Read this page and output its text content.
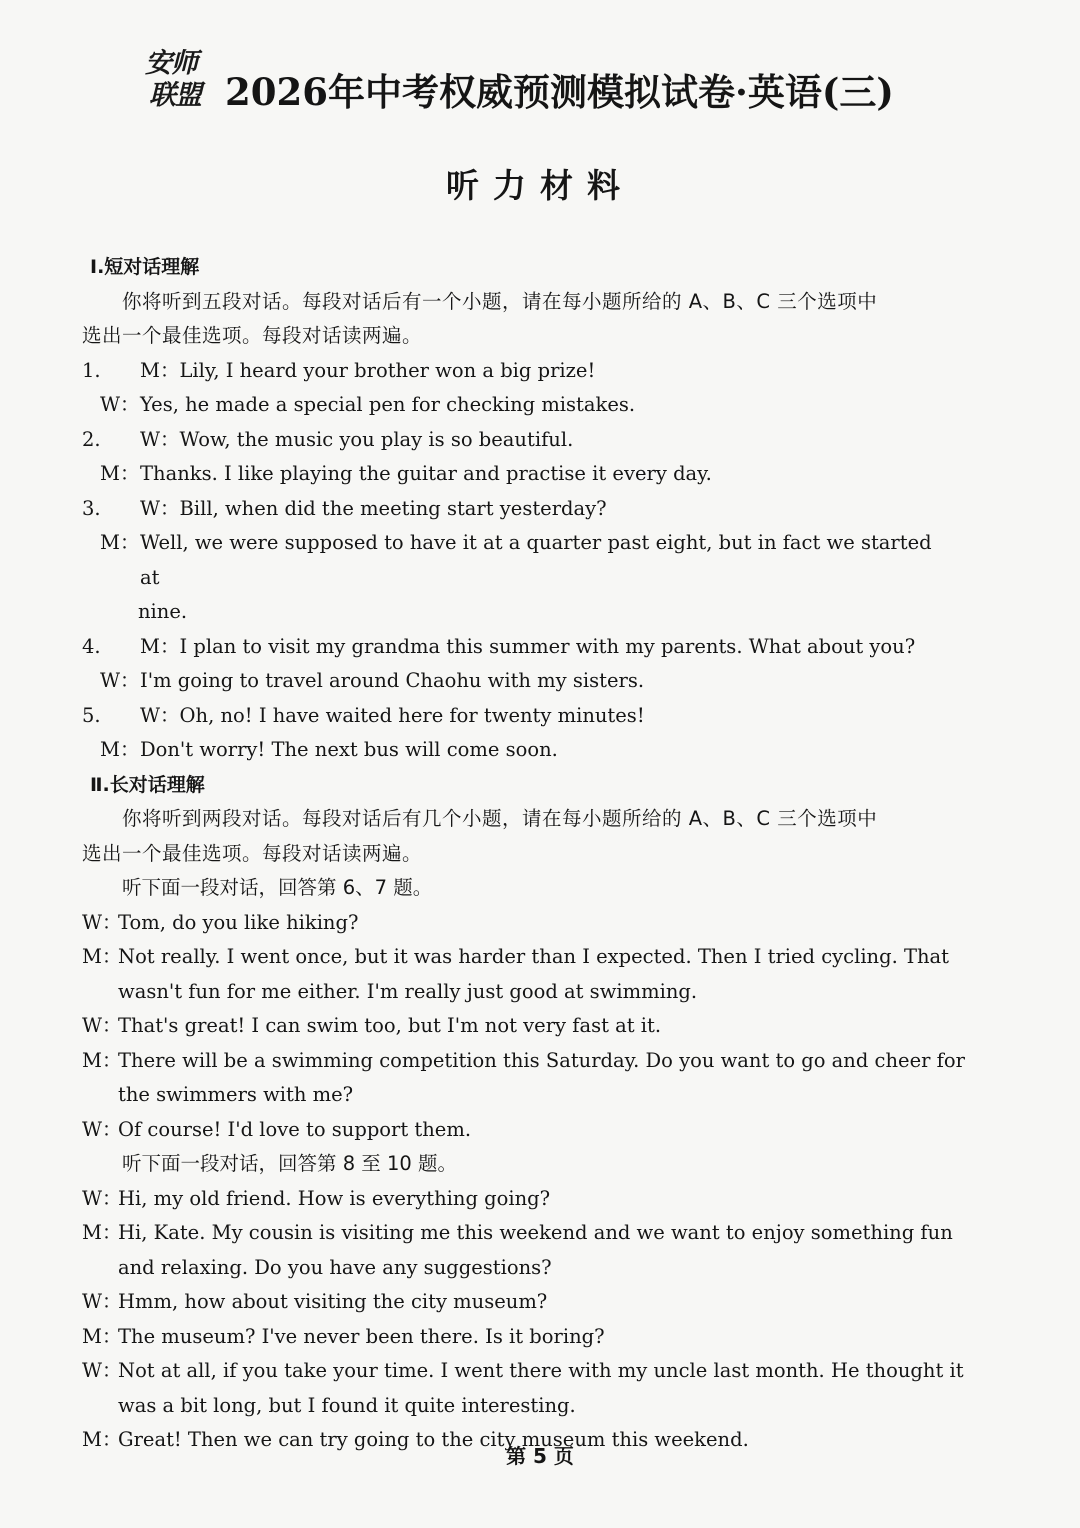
安师
联盟 2026年中考权威预测模拟试卷·英语(三)
听力材料
Ⅰ.短对话理解
你将听到五段对话。每段对话后有一个小题，请在每小题所给的 A、B、C 三个选项中
选出一个最佳选项。每段对话读两遍。
1.	M： Lily, I heard your brother won a big prize!
W： Yes, he made a special pen for checking mistakes.
2.	W： Wow, the music you play is so beautiful.
M： Thanks. I like playing the guitar and practise it every day.
3.	W： Bill, when did the meeting start yesterday?
M： Well, we were supposed to have it at a quarter past eight, but in fact we started at
nine.
4.	M： I plan to visit my grandma this summer with my parents. What about you?
W： I'm going to travel around Chaohu with my sisters.
5.	W： Oh, no! I have waited here for twenty minutes!
M： Don't worry! The next bus will come soon.
Ⅱ.长对话理解
你将听到两段对话。每段对话后有几个小题，请在每小题所给的 A、B、C 三个选项中
选出一个最佳选项。每段对话读两遍。
听下面一段对话，回答第 6、7 题。
W：
Tom, do you like hiking?
M：
Not really. I went once, but it was harder than I expected. Then I tried cycling. That
wasn't fun for me either. I'm really just good at swimming.
W：
That's great! I can swim too, but I'm not very fast at it.
M：
There will be a swimming competition this Saturday. Do you want to go and cheer for
the swimmers with me?
W：
Of course! I'd love to support them.
听下面一段对话，回答第 8 至 10 题。
W：
Hi, my old friend. How is everything going?
M：
Hi, Kate. My cousin is visiting me this weekend and we want to enjoy something fun
and relaxing. Do you have any suggestions?
W：
Hmm, how about visiting the city museum?
M：
The museum? I've never been there. Is it boring?
W：
Not at all, if you take your time. I went there with my uncle last month. He thought it
was a bit long, but I found it quite interesting.
M：
Great! Then we can try going to the city museum this weekend.
第 5 页
